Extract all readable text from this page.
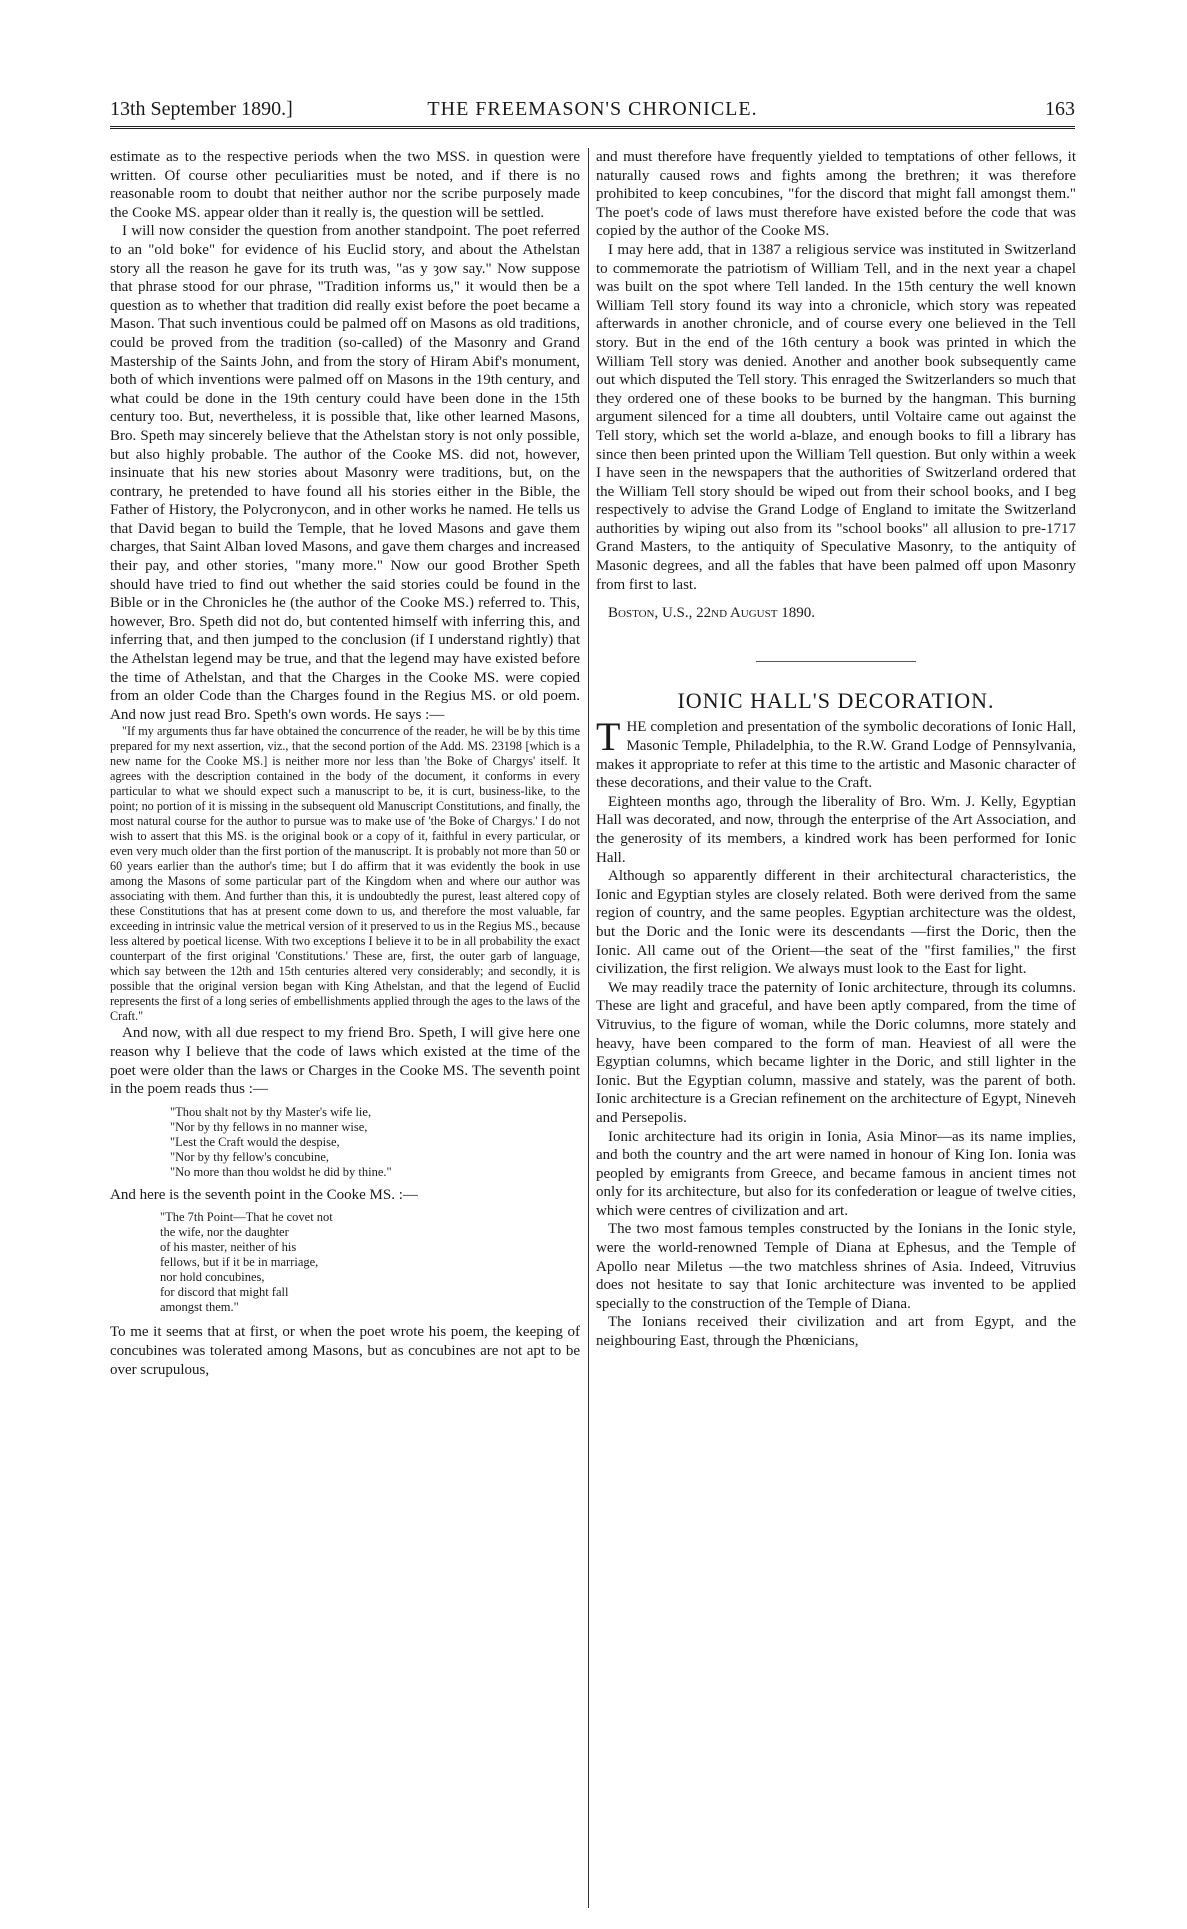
13th September 1890.]	THE FREEMASON'S CHRONICLE.	163

estimate as to the respective periods when the two MSS. in question were written. Of course other peculiarities must be noted, and if there is no reasonable room to doubt that neither author nor the scribe purposely made the Cooke MS. appear older than it really is, the question will be settled.

I will now consider the question from another standpoint. The poet referred to an "old boke" for evidence of his Euclid story, and about the Athelstan story all the reason he gave for its truth was, "as y ȝow say." Now suppose that phrase stood for our phrase, "Tradition informs us," it would then be a question as to whether that tradition did really exist before the poet became a Mason. That such inventious could be palmed off on Masons as old traditions, could be proved from the tradition (so-called) of the Masonry and Grand Mastership of the Saints John, and from the story of Hiram Abif's monument, both of which inventions were palmed off on Masons in the 19th century, and what could be done in the 19th century could have been done in the 15th century too. But, nevertheless, it is possible that, like other learned Masons, Bro. Speth may sincerely believe that the Athelstan story is not only possible, but also highly probable. The author of the Cooke MS. did not, however, insinuate that his new stories about Masonry were traditions, but, on the contrary, he pretended to have found all his stories either in the Bible, the Father of History, the Polycronycon, and in other works he named. He tells us that David began to build the Temple, that he loved Masons and gave them charges, that Saint Alban loved Masons, and gave them charges and increased their pay, and other stories, "many more." Now our good Brother Speth should have tried to find out whether the said stories could be found in the Bible or in the Chronicles he (the author of the Cooke MS.) referred to. This, however, Bro. Speth did not do, but contented himself with inferring this, and inferring that, and then jumped to the conclusion (if I understand rightly) that the Athelstan legend may be true, and that the legend may have existed before the time of Athelstan, and that the Charges in the Cooke MS. were copied from an older Code than the Charges found in the Regius MS. or old poem. And now just read Bro. Speth's own words. He says :—

"If my arguments thus far have obtained the concurrence of the reader, he will be by this time prepared for my next assertion, viz., that the second portion of the Add. MS. 23198 [which is a new name for the Cooke MS.] is neither more nor less than 'the Boke of Chargys' itself. It agrees with the description contained in the body of the document, it conforms in every particular to what we should expect such a manuscript to be, it is curt, business-like, to the point; no portion of it is missing in the subsequent old Manuscript Constitutions, and finally, the most natural course for the author to pursue was to make use of 'the Boke of Chargys.' I do not wish to assert that this MS. is the original book or a copy of it, faithful in every particular, or even very much older than the first portion of the manuscript. It is probably not more than 50 or 60 years earlier than the author's time; but I do affirm that it was evidently the book in use among the Masons of some particular part of the Kingdom when and where our author was associating with them. And further than this, it is undoubtedly the purest, least altered copy of these Constitutions that has at present come down to us, and therefore the most valuable, far exceeding in intrinsic value the metrical version of it preserved to us in the Regius MS., because less altered by poetical license. With two exceptions I believe it to be in all probability the exact counterpart of the first original 'Constitutions.' These are, first, the outer garb of language, which say between the 12th and 15th centuries altered very considerably; and secondly, it is possible that the original version began with King Athelstan, and that the legend of Euclid represents the first of a long series of embellishments applied through the ages to the laws of the Craft."

And now, with all due respect to my friend Bro. Speth, I will give here one reason why I believe that the code of laws which existed at the time of the poet were older than the laws or Charges in the Cooke MS. The seventh point in the poem reads thus :—

"Thou shalt not by thy Master's wife lie,
"Nor by thy fellows in no manner wise,
"Lest the Craft would the despise,
"Nor by thy fellow's concubine,
"No more than thou woldst he did by thine."

And here is the seventh point in the Cooke MS. :—

"The 7th Point—That he covet not
the wife, nor the daughter
of his master, neither of his
fellows, but if it be in marriage,
nor hold concubines,
for discord that might fall
amongst them."

To me it seems that at first, or when the poet wrote his poem, the keeping of concubines was tolerated among Masons, but as concubines are not apt to be over scrupulous,

and must therefore have frequently yielded to temptations of other fellows, it naturally caused rows and fights among the brethren; it was therefore prohibited to keep concubines, "for the discord that might fall amongst them." The poet's code of laws must therefore have existed before the code that was copied by the author of the Cooke MS.

I may here add, that in 1387 a religious service was instituted in Switzerland to commemorate the patriotism of William Tell, and in the next year a chapel was built on the spot where Tell landed. In the 15th century the well known William Tell story found its way into a chronicle, which story was repeated afterwards in another chronicle, and of course every one believed in the Tell story. But in the end of the 16th century a book was printed in which the William Tell story was denied. Another and another book subsequently came out which disputed the Tell story. This enraged the Switzerlanders so much that they ordered one of these books to be burned by the hangman. This burning argument silenced for a time all doubters, until Voltaire came out against the Tell story, which set the world a-blaze, and enough books to fill a library has since then been printed upon the William Tell question. But only within a week I have seen in the newspapers that the authorities of Switzerland ordered that the William Tell story should be wiped out from their school books, and I beg respectively to advise the Grand Lodge of England to imitate the Switzerland authorities by wiping out also from its "school books" all allusion to pre-1717 Grand Masters, to the antiquity of Speculative Masonry, to the antiquity of Masonic degrees, and all the fables that have been palmed off upon Masonry from first to last.

Boston, U.S., 22nd August 1890.
IONIC HALL'S DECORATION.

THE completion and presentation of the symbolic decorations of Ionic Hall, Masonic Temple, Philadelphia, to the R.W. Grand Lodge of Pennsylvania, makes it appropriate to refer at this time to the artistic and Masonic character of these decorations, and their value to the Craft.

Eighteen months ago, through the liberality of Bro. Wm. J. Kelly, Egyptian Hall was decorated, and now, through the enterprise of the Art Association, and the generosity of its members, a kindred work has been performed for Ionic Hall.

Although so apparently different in their architectural characteristics, the Ionic and Egyptian styles are closely related. Both were derived from the same region of country, and the same peoples. Egyptian architecture was the oldest, but the Doric and the Ionic were its descendants —first the Doric, then the Ionic. All came out of the Orient—the seat of the "first families," the first civilization, the first religion. We always must look to the East for light.

We may readily trace the paternity of Ionic architecture, through its columns. These are light and graceful, and have been aptly compared, from the time of Vitruvius, to the figure of woman, while the Doric columns, more stately and heavy, have been compared to the form of man. Heaviest of all were the Egyptian columns, which became lighter in the Doric, and still lighter in the Ionic. But the Egyptian column, massive and stately, was the parent of both. Ionic architecture is a Grecian refinement on the architecture of Egypt, Nineveh and Persepolis.

Ionic architecture had its origin in Ionia, Asia Minor—as its name implies, and both the country and the art were named in honour of King Ion. Ionia was peopled by emigrants from Greece, and became famous in ancient times not only for its architecture, but also for its confederation or league of twelve cities, which were centres of civilization and art.

The two most famous temples constructed by the Ionians in the Ionic style, were the world-renowned Temple of Diana at Ephesus, and the Temple of Apollo near Miletus —the two matchless shrines of Asia. Indeed, Vitruvius does not hesitate to say that Ionic architecture was invented to be applied specially to the construction of the Temple of Diana.

The Ionians received their civilization and art from Egypt, and the neighbouring East, through the Phœnicians,
